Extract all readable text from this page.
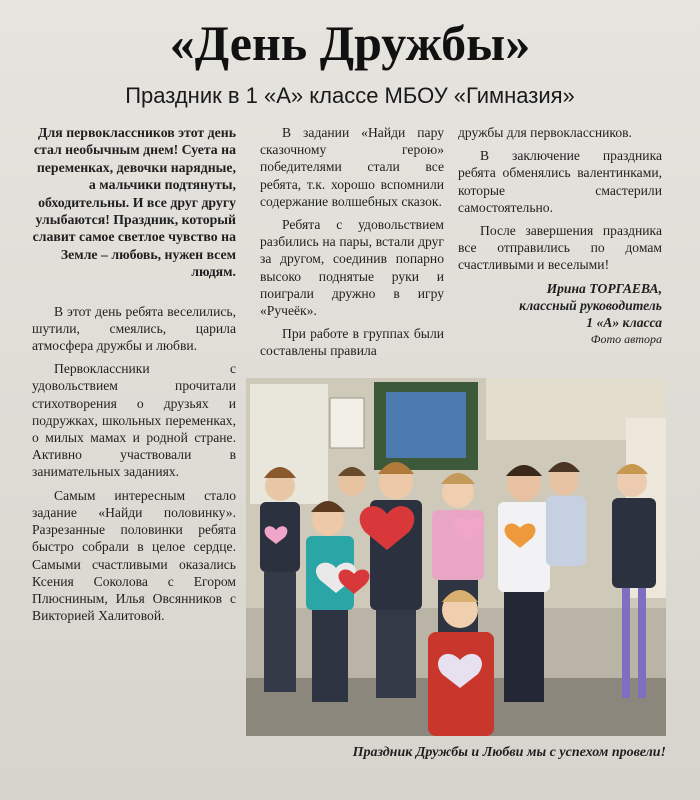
«День Дружбы»
Праздник в 1 «А» классе МБОУ «Гимназия»

Для первоклассников этот день стал необычным днем! Суета на переменках, девочки нарядные, а мальчики подтянуты, обходительны. И все друг другу улыбаются! Праздник, который славит самое светлое чувство на Земле – любовь, нужен всем людям.

В этот день ребята веселились, шутили, смеялись, царила атмосфера дружбы и любви.

Первоклассники с удовольствием прочитали стихотворения о друзьях и подружках, школьных переменках, о милых мамах и родной стране. Активно участвовали в занимательных заданиях.

Самым интересным стало задание «Найди половинку». Разрезанные половинки ребята быстро собрали в целое сердце. Самыми счастливыми оказались Ксения Соколова с Егором Плюсниным, Илья Овсянников с Викторией Халитовой.

В задании «Найди пару сказочному герою» победителями стали все ребята, т.к. хорошо вспомнили содержание волшебных сказок.

Ребята с удовольствием разбились на пары, встали друг за другом, соединив попарно высоко поднятые руки и поиграли дружно в игру «Ручеёк».

При работе в группах были составлены правила

дружбы для первоклассников.

В заключение праздника ребята обменялись валентинками, которые смастерили самостоятельно.

После завершения праздника все отправились по домам счастливыми и веселыми!

Ирина ТОРГАЕВА,

классный руководитель

1 «А» класса

Фото автора

Праздник Дружбы и Любви мы с успехом провели!
